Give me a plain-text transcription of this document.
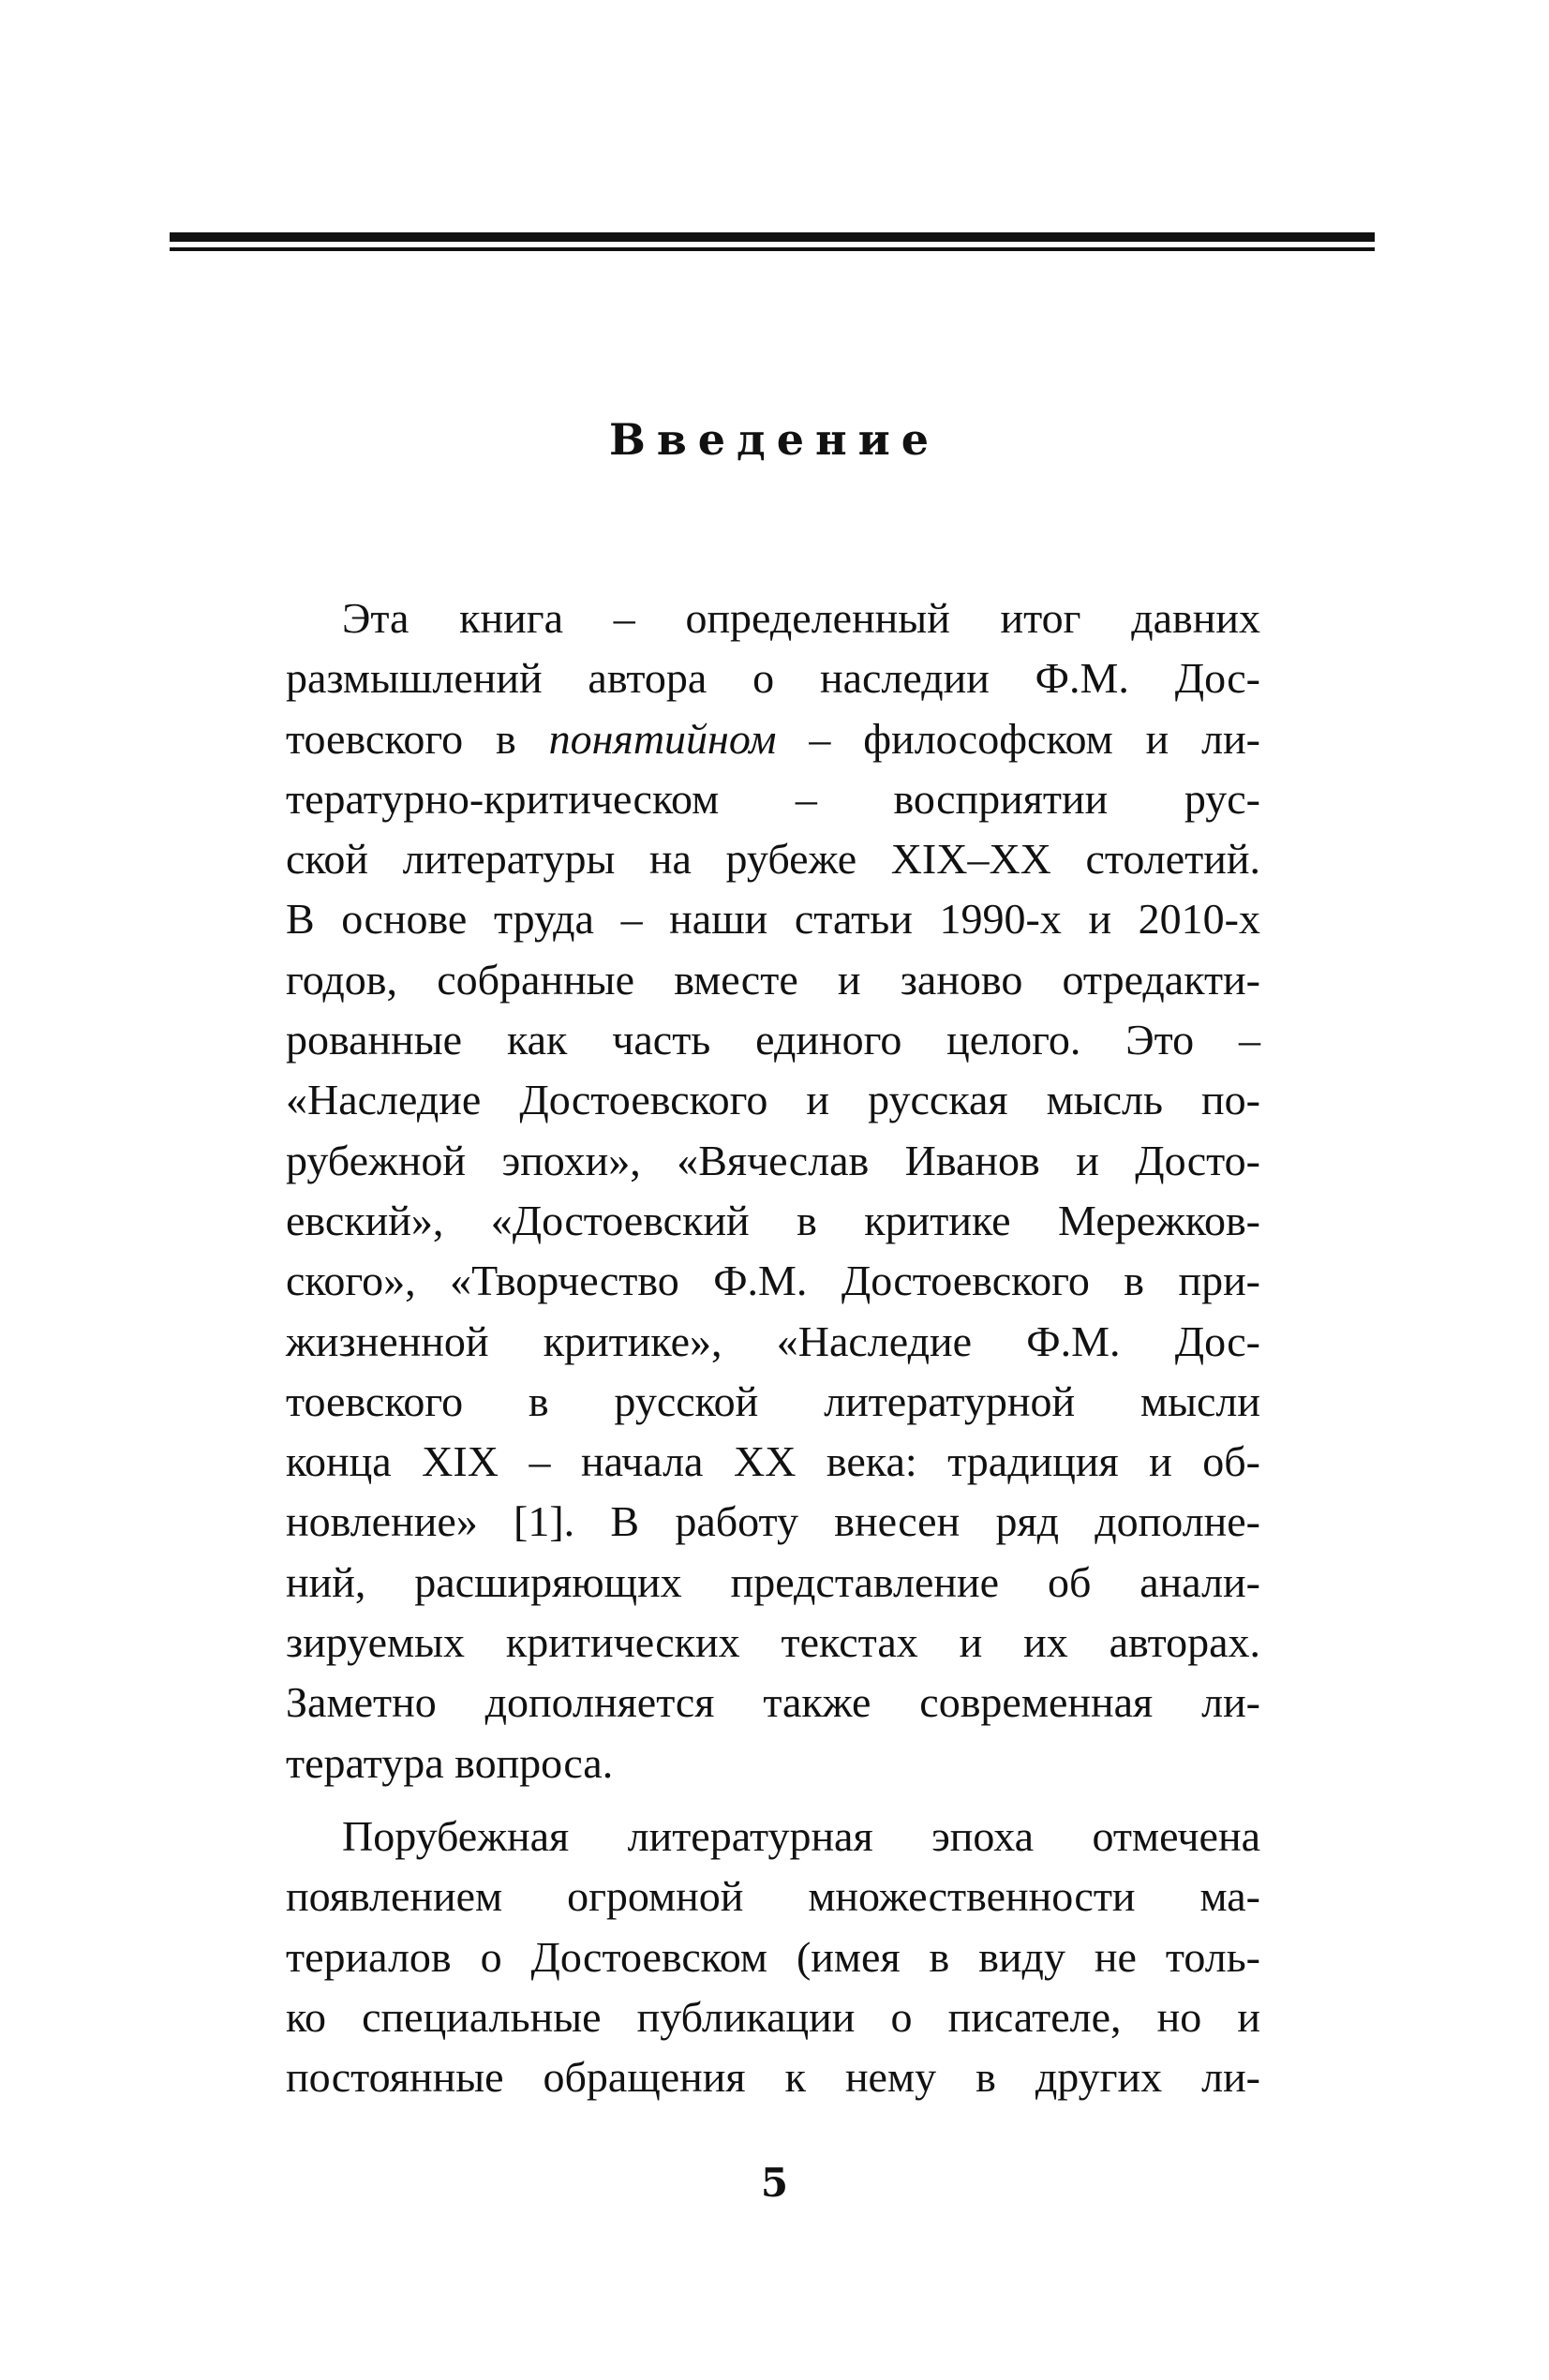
Введение

Эта книга – определенный итог давних
размышлений автора о наследии Ф.М. Дос-
тоевского в понятийном – философском и ли-
тературно-критическом – восприятии рус-
ской литературы на рубеже XIX–XX столетий.
В основе труда – наши статьи 1990-х и 2010-х
годов, собранные вместе и заново отредакти-
рованные как часть единого целого. Это –
«Наследие Достоевского и русская мысль по-
рубежной эпохи», «Вячеслав Иванов и Досто-
евский», «Достоевский в критике Мережков-
ского», «Творчество Ф.М. Достоевского в при-
жизненной критике», «Наследие Ф.М. Дос-
тоевского в русской литературной мысли
конца XIX – начала XX века: традиция и об-
новление» [1]. В работу внесен ряд дополне-
ний, расширяющих представление об анали-
зируемых критических текстах и их авторах.
Заметно дополняется также современная ли-
тература вопроса.

Порубежная литературная эпоха отмечена
появлением огромной множественности ма-
териалов о Достоевском (имея в виду не толь-
ко специальные публикации о писателе, но и
постоянные обращения к нему в других ли-

5
